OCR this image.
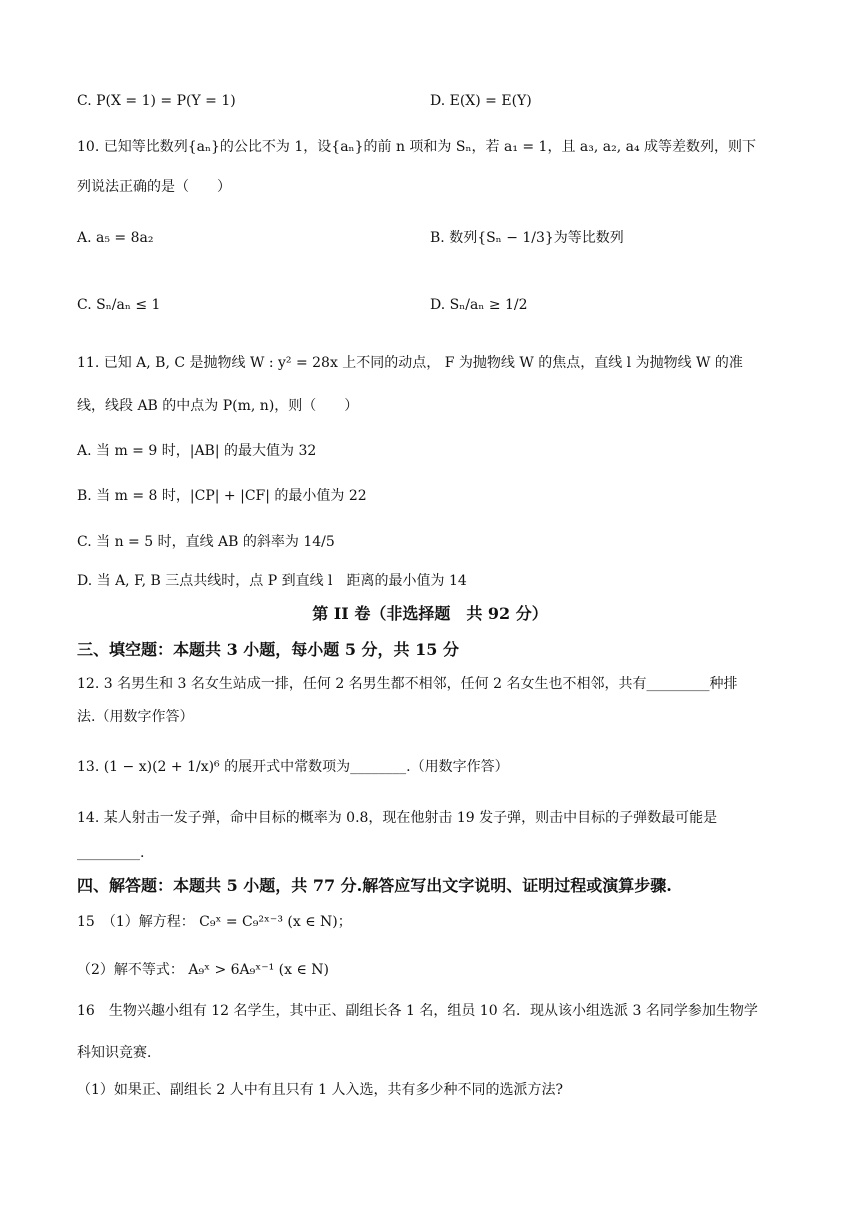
C. P(X = 1) = P(Y = 1)	D. E(X) = E(Y)
10. 已知等比数列{aₙ}的公比不为 1，设{aₙ}的前 n 项和为 Sₙ，若 a₁ = 1，且 a₃, a₂, a₄ 成等差数列，则下
列说法正确的是（　　）
A. a₅ = 8a₂	B. 数列{Sₙ − 1/3}为等比数列
C. Sₙ/aₙ ≤ 1	D. Sₙ/aₙ ≥ 1/2
11. 已知 A, B, C 是抛物线 W : y² = 28x 上不同的动点， F 为抛物线 W 的焦点，直线 l 为抛物线 W 的准
线，线段 AB 的中点为 P(m, n)，则（　　）
A. 当 m = 9 时，|AB| 的最大值为 32
B. 当 m = 8 时，|CP| + |CF| 的最小值为 22
C. 当 n = 5 时，直线 AB 的斜率为 14/5
D. 当 A, F, B 三点共线时，点 P 到直线 l　距离的最小值为 14
第 II 卷（非选择题　共 92 分）
三、填空题：本题共 3 小题，每小题 5 分，共 15 分
12. 3 名男生和 3 名女生站成一排，任何 2 名男生都不相邻，任何 2 名女生也不相邻，共有_________种排
法.（用数字作答）
13. (1 − x)(2 + 1/x)⁶ 的展开式中常数项为________.（用数字作答）
14. 某人射击一发子弹，命中目标的概率为 0.8，现在他射击 19 发子弹，则击中目标的子弹数最可能是
_________.
四、解答题：本题共 5 小题，共 77 分.解答应写出文字说明、证明过程或演算步骤.
15　（1）解方程： C₉ˣ = C₉²ˣ⁻³ (x ∈ N)；
（2）解不等式： A₉ˣ > 6A₉ˣ⁻¹ (x ∈ N)
16　生物兴趣小组有 12 名学生，其中正、副组长各 1 名，组员 10 名．现从该小组选派 3 名同学参加生物学
科知识竞赛．
（1）如果正、副组长 2 人中有且只有 1 人入选，共有多少种不同的选派方法?
